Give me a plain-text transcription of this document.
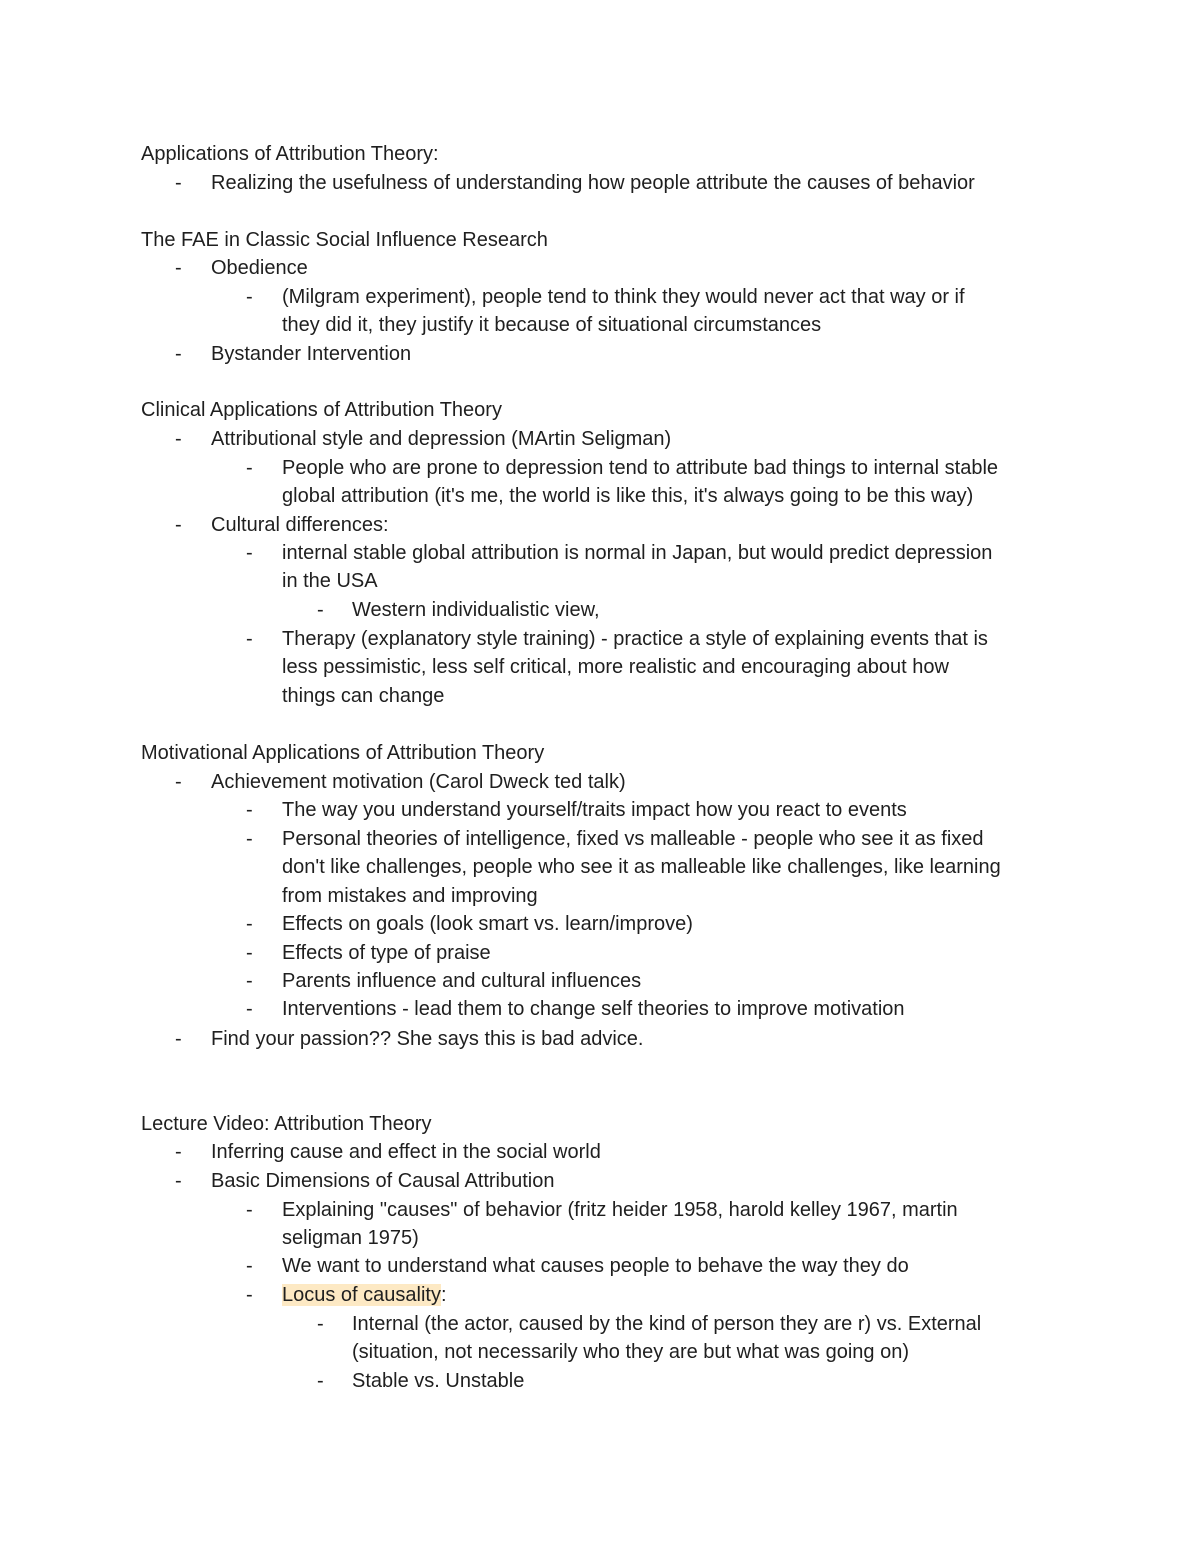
Applications of Attribution Theory:
- Realizing the usefulness of understanding how people attribute the causes of behavior
The FAE in Classic Social Influence Research
- Obedience
- (Milgram experiment), people tend to think they would never act that way or if
they did it, they justify it because of situational circumstances
- Bystander Intervention
Clinical Applications of Attribution Theory
- Attributional style and depression (MArtin Seligman)
- People who are prone to depression tend to attribute bad things to internal stable
global attribution (it's me, the world is like this, it's always going to be this way)
- Cultural differences:
- internal stable global attribution is normal in Japan, but would predict depression
in the USA
- Western individualistic view,
- Therapy (explanatory style training) - practice a style of explaining events that is
less pessimistic, less self critical, more realistic and encouraging about how
things can change
Motivational Applications of Attribution Theory
- Achievement motivation (Carol Dweck ted talk)
- The way you understand yourself/traits impact how you react to events
- Personal theories of intelligence, fixed vs malleable - people who see it as fixed
don't like challenges, people who see it as malleable like challenges, like learning
from mistakes and improving
- Effects on goals (look smart vs. learn/improve)
- Effects of type of praise
- Parents influence and cultural influences
- Interventions - lead them to change self theories to improve motivation
- Find your passion?? She says this is bad advice.
Lecture Video: Attribution Theory
- Inferring cause and effect in the social world
- Basic Dimensions of Causal Attribution
- Explaining "causes" of behavior (fritz heider 1958, harold kelley 1967, martin
seligman 1975)
- We want to understand what causes people to behave the way they do
- Locus of causality:
- Internal (the actor, caused by the kind of person they are r) vs. External
(situation, not necessarily who they are but what was going on)
- Stable vs. Unstable
